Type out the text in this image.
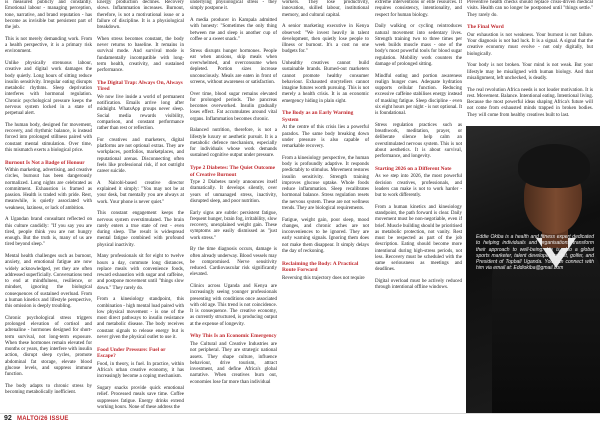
is measured publicly and constantly. Emotional labour - managing perception, tone, narrative, and brand reputation - has become as invisible but persistent part of the job.

This is not merely demanding work. From a health perspective, it is a primary risk environment.

Unlike physically strenuous labour, creative and digital work damages the body quietly. Long hours of sitting reduce insulin sensitivity. Irregular eating disrupts metabolic rhythms. Sleep deprivation interferes with hormonal regulation. Chronic psychological pressure keeps the nervous system locked in a state of perpetual alert.

The human body, designed for movement, recovery, and rhythmic balance, is instead forced into prolonged stillness paired with constant mental stimulation. Over time, this mismatch exerts a biological price.

Burnout Is Not a Badge of Honour

Within marketing, advertising, and creative circles, burnout has been dangerously normalized. Long nights are celebrated as commitment. Exhaustion is framed as passion. Health is traded with pride. Rest, meanwhile, is quietly associated with weakness, laziness, or lack of ambition.

A Ugandan brand consultant reflected on this culture candidly: "If you say you are tired, people think you are not hungry enough. But the truth is, many of us are tired beyond sleep."

Mental health challenges such as burnout, anxiety, and emotional fatigue are now widely acknowledged, yet they are often addressed superficially. Conversations tend to end at mindfulness, resilience, or mindset, ignoring the biological consequences of sustained overload. From a human kinetics and lifestyle perspective, this omission is deeply troubling.

Chronic psychological stress triggers prolonged elevation of cortisol and adrenaline - hormones designed for short-term survival, not long-term exposure. When these hormones remain elevated for months or years, they interfere with insulin action, disrupt sleep cycles, promote abdominal fat storage, elevate blood glucose levels, and suppress immune function.

The body adapts to chronic stress by becoming metabolically inefficient.

Energy production declines. Recovery slows. Inflammation increases. Burnout, therefore, is not a motivational issue or a failure of discipline. It is a physiological breakdown.

When stress becomes constant, the body never returns to baseline. It remains in survival mode. And survival mode is fundamentally incompatible with long-term health, creativity, and sustained performance.

The Digital Trap: Always On, Always Tired

We now live inside a world of permanent notification. Emails arrive long after midnight. WhatsApp groups never sleep. Social media rewards visibility, comparison, and constant performance rather than rest or reflection.

For creatives and marketers, digital platforms are not optional extras. They are workplaces, portfolios, marketplaces, and reputational arenas. Disconnecting often feels like professional risk, if not outright career suicide.

A Nairobi-based creative director explained it simply: "You may not be at your desk, but mentally you are always at work. Your phone is never quiet."

This constant engagement keeps the nervous system overstimulated. The brain rarely enters a true state of rest - even during sleep. The result is widespread mental fatigue combined with profound physical inactivity.

Many professionals sit for eight to twelve hours a day, commute long distances, replace meals with convenience foods, reward exhaustion with sugar and caffeine, and postpone movement until "things slow down." They rarely do.

From a kinesiology standpoint, this combination - high mental load paired with low physical movement - is one of the most direct pathways to insulin resistance and metabolic disease. The body receives constant signals to release energy but is never given the physical outlet to use it.

Food Under Pressure: Fuel or Escape?

Food, in theory, is fuel. In practice, within Africa's urban creative economy, it has increasingly become a coping mechanism.

Sugary snacks provide quick emotional relief. Processed meals save time. Coffee suppresses fatigue. Energy drinks extend working hours. None of these address the

underlying physiological stress - they simply postpone it.

A media producer in Kampala admitted with honesty: "Sometimes the only thing between me and sleep is another cup of coffee or a sweet snack."

Stress disrupts hunger hormones. People eat when anxious, skip meals when overwhelmed, and overconsume when depleted. Portion sizes increase unconsciously. Meals are eaten in front of screens, without awareness or satisfaction.

Over time, blood sugar remains elevated for prolonged periods. The pancreas becomes overworked. Insulin gradually loses effect. Fat accumulates around vital organs. Inflammation becomes chronic.

Balanced nutrition, therefore, is not a lifestyle luxury or aesthetic pursuit. It is a metabolic defence mechanism, especially for individuals whose work demands sustained cognitive output under pressure.

Type 2 Diabetes: The Quiet Outcome of Creative Burnout

Type 2 Diabetes rarely announces itself dramatically. It develops silently, over years of unmanaged stress, inactivity, disrupted sleep, and poor nutrition.

Early signs are subtle: persistent fatigue, frequent hunger, brain fog, irritability, slow recovery, unexplained weight gain. These symptoms are easily dismissed as "just work stress."

By the time diagnosis occurs, damage is often already underway. Blood vessels may be compromised. Nerve sensitivity reduced. Cardiovascular risk significantly elevated.

Clinics across Uganda and Kenya are increasingly seeing younger professionals presenting with conditions once associated with old age. This trend is not coincidence. It is consequence. The creative economy, as currently structured, is producing output at the expense of longevity.

Why This Is an Economic Emergency

The Cultural and Creative Industries are not peripheral. They are strategic national assets. They shape culture, influence behaviour, drive tourism, attract investment, and define Africa's global narrative. When creatives burn out, economies lose far more than individual

workers. They lose productivity, innovation, skilled labour, institutional memory, and cultural capital.

A senior marketing executive in Kenya observed: "We invest heavily in talent development, then quietly lose people to illness or burnout. It's a cost no one budgets for."

Unhealthy creatives cannot build sustainable brands. Burned-out marketers cannot promote healthy consumer behaviour. Exhausted storytellers cannot imagine futures worth pursuing. This is not merely a health crisis. It is an economic emergency hiding in plain sight.

The Body as an Early Warning System

At the centre of this crisis lies a powerful paradox. The same body breaking down under pressure is also capable of remarkable recovery.

From a kinesiology perspective, the human body is profoundly adaptive. It responds predictably to stimulus. Movement restores insulin sensitivity. Strength training improves glucose uptake. Whole foods reduce inflammation. Sleep recalibrates hormonal balance. Stress regulation resets the nervous system. These are not wellness trends. They are biological requirements.

Fatigue, weight gain, poor sleep, mood changes, and chronic aches are not inconveniences to be ignored. They are early warning signals. Ignoring them does not make them disappear. It simply delays the day of reckoning.

Reclaiming the Body: A Practical Route Forward

Reversing this trajectory does not require

extreme interventions or elite resources. It requires consistency, intentionality, and respect for human biology.

Daily walking or cycling reintroduces natural movement into sedentary lives. Strength training two to three times per week builds muscle mass - one of the body's most powerful tools for blood sugar regulation. Mobility work counters the damage of prolonged sitting.

Mindful eating and portion awareness realign hunger cues. Adequate hydration supports cellular function. Reducing excessive caffeine stabilises energy instead of masking fatigue. Sleep discipline - even six eight hours per night - is not optional. It is foundational.

Stress regulation practices such as breathwork, meditation, prayer, or deliberate silence help calm an overstimulated nervous system. This is not about aesthetics. It is about survival, performance, and longevity.

Starting 2026 on a Different Note

As we step into 2026, the most powerful decision creatives, professionals, and leaders can make is not to work harder - but to work differently.

From a human kinetics and kinesiology standpoint, the path forward is clear. Daily movement must be non-negotiable, even if brief. Muscle building should be prioritised as metabolic protection, not vanity. Rest must be respected as part of the job description. Eating should become more intentional during high-stress periods, not less. Recovery must be scheduled with the same seriousness as meetings and deadlines.

Digital overload must be actively reduced through intentional offline windows.

Preventive health checks should replace crisis-driven medical visits. Health can no longer be postponed until "things settle." They rarely do.

The Final Word

Our exhaustion is not weakness. Your burnout is not failure. Your diagnosis is not bad luck. It is a signal. A signal that the creative economy must evolve - not only digitally, but biologically.

Your body is not broken. Your mind is not weak. But your lifestyle may be misaligned with human biology. And that misalignment, left unchecked, is deadly.

The real revolution Africa needs is not louder motivation. It is rest. Movement. Balance. Intentional eating. Intentional living. Because the most powerful ideas shaping Africa's future will not come from exhausted minds trapped in broken bodies. They will come from healthy creatives built to last.

Eddie Okiba is a health and fitness expert dedicated to helping individuals and organisations transform their approach to well-being. He is also a global sports marketer, talent developer, cyclist, golfer, and President of Topball Uganda. You can connect with him via email at: Eddiokiba@gmail.com
92 MALTO/26 ISSUE
